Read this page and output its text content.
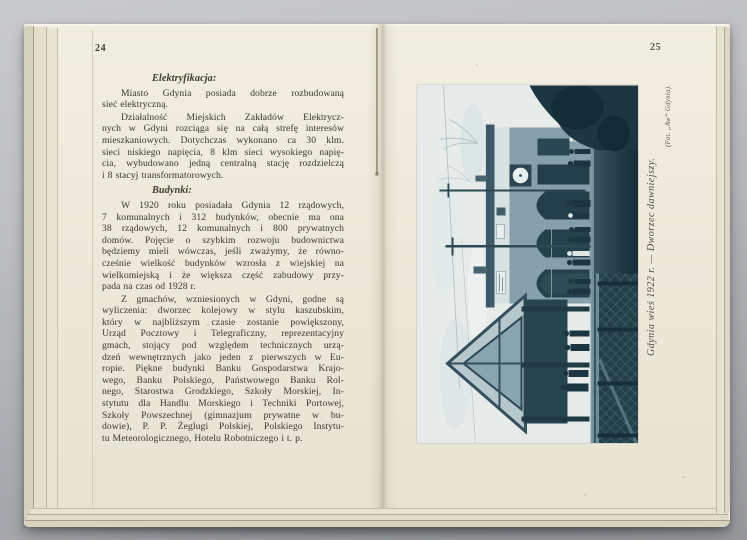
24
Elektryfikacja:
Miasto Gdynia posiada dobrze rozbudowaną
sieć elektryczną.
Działalność Miejskich Zakładów Elektrycz-
nych w Gdyni rozciąga się na całą strefę interesów
mieszkaniowych. Dotychczas wykonano ca 30 klm.
sieci niskiego napięcia, 8 klm sieci wysokiego napię-
cia, wybudowano jedną centralną stację rozdzielczą
i 8 stacyj transformatorowych.
Budynki:
W 1920 roku posiadała Gdynia 12 rządowych,
7 komunalnych i 312 budynków, obecnie ma ona
38 rządowych, 12 komunalnych i 800 prywatnych
domów. Pojęcie o szybkim rozwoju budownictwa
będziemy mieli wówczas, jeśli zważymy, że równo-
cześnie wielkość budynków wzrosła z wiejskiej na
wielkomiejską i że większa część zabudowy przy-
pada na czas od 1928 r.
Z gmachów, wzniesionych w Gdyni, godne są
wyliczenia: dworzec kolejowy w stylu kaszubskim,
który w najbliższym czasie zostanie powiększony,
Urząd Pocztowy i Telegraficzny, reprezentacyjny
gmach, stojący pod względem technicznych urzą-
dzeń wewnętrznych jako jeden z pierwszych w Eu-
ropie. Piękne budynki Banku Gospodarstwa Krajo-
wego, Banku Polskiego, Państwowego Banku Rol-
nego, Starostwa Grodzkiego, Szkoły Morskiej, In-
stytutu dla Handlu Morskiego i Techniki Portowej,
Szkoły Powszechnej (gimnazjum prywatne w bu-
dowie), P. P. Żeglugi Polskiej, Polskiego Instytu-
tu Meteorologicznego, Hotelu Robotniczego i t. p.
25
Gdynia wieś 1922 r. — Dworzec dawniejszy.
(Fot. „Aw“ Gdynia).
